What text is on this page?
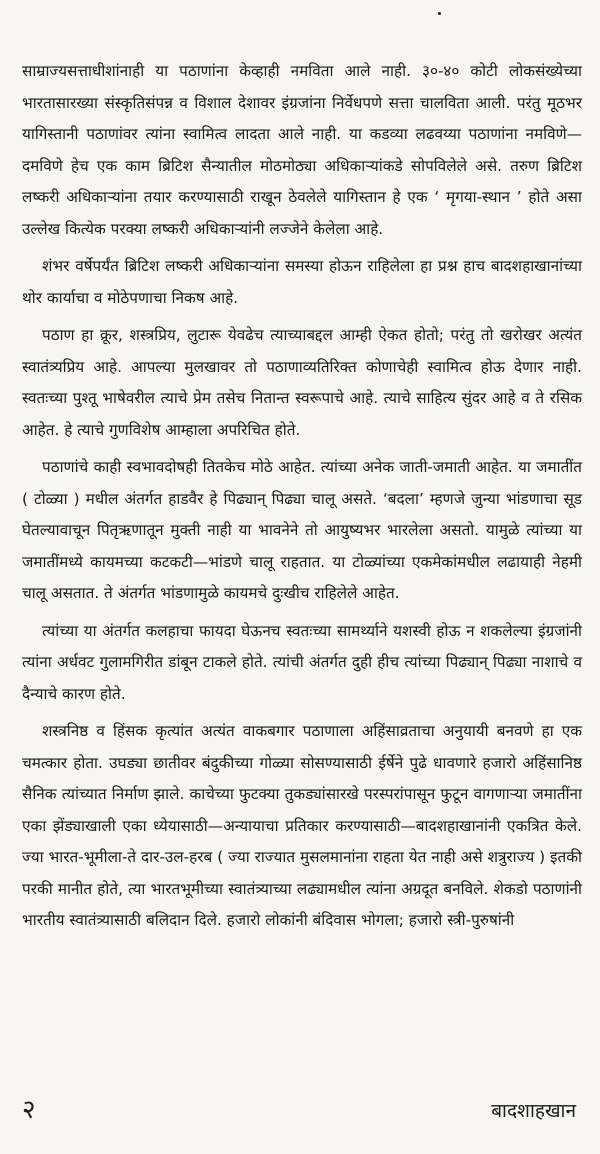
साम्राज्यसत्ताधीशांनाही या पठाणांना केव्हाही नमविता आले नाही. ३०-४० कोटी लोकसंख्येच्या भारतासारख्या संस्कृतिसंपन्न व विशाल देशावर इंग्रजांना निर्वेधपणे सत्ता चालविता आली. परंतु मूठभर यागिस्तानी पठाणांवर त्यांना स्वामित्व लादता आले नाही. या कडव्या लढवय्या पठाणांना नमविणे—दमविणे हेच एक काम ब्रिटिश सैन्यातील मोठमोठ्या अधिकाऱ्यांकडे सोपविलेले असे. तरुण ब्रिटिश लष्करी अधिकाऱ्यांना तयार करण्यासाठी राखून ठेवलेले यागिस्तान हे एक ‘ मृगया-स्थान ’ होते असा उल्लेख कित्येक परक्या लष्करी अधिकाऱ्यांनी लज्जेने केलेला आहे.

शंभर वर्षेपर्यंत ब्रिटिश लष्करी अधिकाऱ्यांना समस्या होऊन राहिलेला हा प्रश्न हाच बादशहाखानांच्या थोर कार्याचा व मोठेपणाचा निकष आहे.

पठाण हा क्रूर, शस्त्रप्रिय, लुटारू येवढेच त्याच्याबद्दल आम्ही ऐकत होतो; परंतु तो खरोखर अत्यंत स्वातंत्र्यप्रिय आहे. आपल्या मुलखावर तो पठाणाव्यतिरिक्त कोणाचेही स्वामित्व होऊ देणार नाही. स्वतःच्या पुश्तू भाषेवरील त्याचे प्रेम तसेच नितान्त स्वरूपाचे आहे. त्याचे साहित्य सुंदर आहे व ते रसिक आहेत. हे त्याचे गुणविशेष आम्हाला अपरिचित होते.

पठाणांचे काही स्वभावदोषही तितकेच मोठे आहेत. त्यांच्या अनेक जाती-जमाती आहेत. या जमातींत ( टोळ्या ) मधील अंतर्गत हाडवैर हे पिढ्यान् पिढ्या चालू असते. ‘बदला’ म्हणजे जुन्या भांडणाचा सूड घेतल्यावाचून पितृऋणातून मुक्ती नाही या भावनेने तो आयुष्यभर भारलेला असतो. यामुळे त्यांच्या या जमातींमध्ये कायमच्या कटकटी—भांडणे चालू राहतात. या टोळ्यांच्या एकमेकांमधील लढायाही नेहमी चालू असतात. ते अंतर्गत भांडणामुळे कायमचे दुःखीच राहिलेले आहेत.

त्यांच्या या अंतर्गत कलहाचा फायदा घेऊनच स्वतःच्या सामर्थ्याने यशस्वी होऊ न शकलेल्या इंग्रजांनी त्यांना अर्धवट गुलामगिरीत डांबून टाकले होते. त्यांची अंतर्गत दुही हीच त्यांच्या पिढ्यान् पिढ्या नाशाचे व दैन्याचे कारण होते.

शस्त्रनिष्ठ व हिंसक कृत्यांत अत्यंत वाकबगार पठाणाला अहिंसाव्रताचा अनुयायी बनवणे हा एक चमत्कार होता. उघड्या छातीवर बंदुकीच्या गोळ्या सोसण्यासाठी ईर्षेने पुढे धावणारे हजारो अहिंसानिष्ठ सैनिक त्यांच्यात निर्माण झाले. काचेच्या फुटक्या तुकड्यांसारखे परस्परांपासून फुटून वागणाऱ्या जमातींना एका झेंड्याखाली एका ध्येयासाठी—अन्यायाचा प्रतिकार करण्यासाठी—बादशहाखानांनी एकत्रित केले. ज्या भारत-भूमीला-ते दार-उल-हरब ( ज्या राज्यात मुसलमानांना राहता येत नाही असे शत्रुराज्य ) इतकी परकी मानीत होते, त्या भारतभूमीच्या स्वातंत्र्याच्या लढ्यामधील त्यांना अग्रदूत बनविले. शेकडो पठाणांनी भारतीय स्वातंत्र्यासाठी बलिदान दिले. हजारो लोकांनी बंदिवास भोगला; हजारो स्त्री-पुरुषांनी

२	बादशाहखान
